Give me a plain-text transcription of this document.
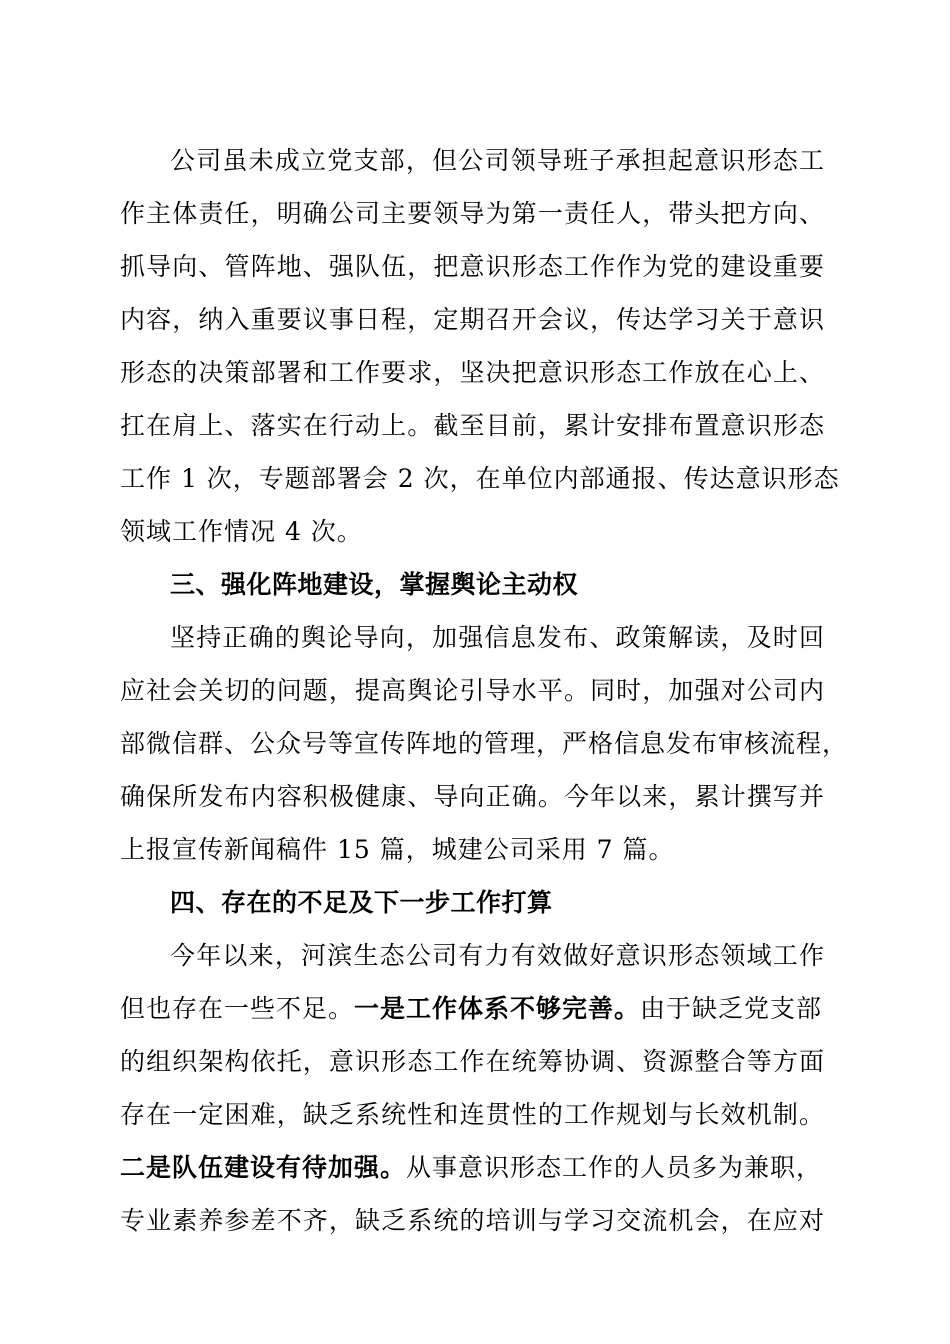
公司虽未成立党支部，但公司领导班子承担起意识形态工
作主体责任，明确公司主要领导为第一责任人，带头把方向、
抓导向、管阵地、强队伍，把意识形态工作作为党的建设重要
内容，纳入重要议事日程，定期召开会议，传达学习关于意识
形态的决策部署和工作要求，坚决把意识形态工作放在心上、
扛在肩上、落实在行动上。截至目前，累计安排布置意识形态
工作 1 次，专题部署会 2 次，在单位内部通报、传达意识形态
领域工作情况 4 次。
三、强化阵地建设，掌握舆论主动权
坚持正确的舆论导向，加强信息发布、政策解读，及时回
应社会关切的问题，提高舆论引导水平。同时，加强对公司内
部微信群、公众号等宣传阵地的管理，严格信息发布审核流程，
确保所发布内容积极健康、导向正确。今年以来，累计撰写并
上报宣传新闻稿件 15 篇，城建公司采用 7 篇。
四、存在的不足及下一步工作打算
今年以来，河滨生态公司有力有效做好意识形态领域工作
但也存在一些不足。一是工作体系不够完善。由于缺乏党支部
的组织架构依托，意识形态工作在统筹协调、资源整合等方面
存在一定困难，缺乏系统性和连贯性的工作规划与长效机制。
二是队伍建设有待加强。从事意识形态工作的人员多为兼职，
专业素养参差不齐，缺乏系统的培训与学习交流机会，在应对
